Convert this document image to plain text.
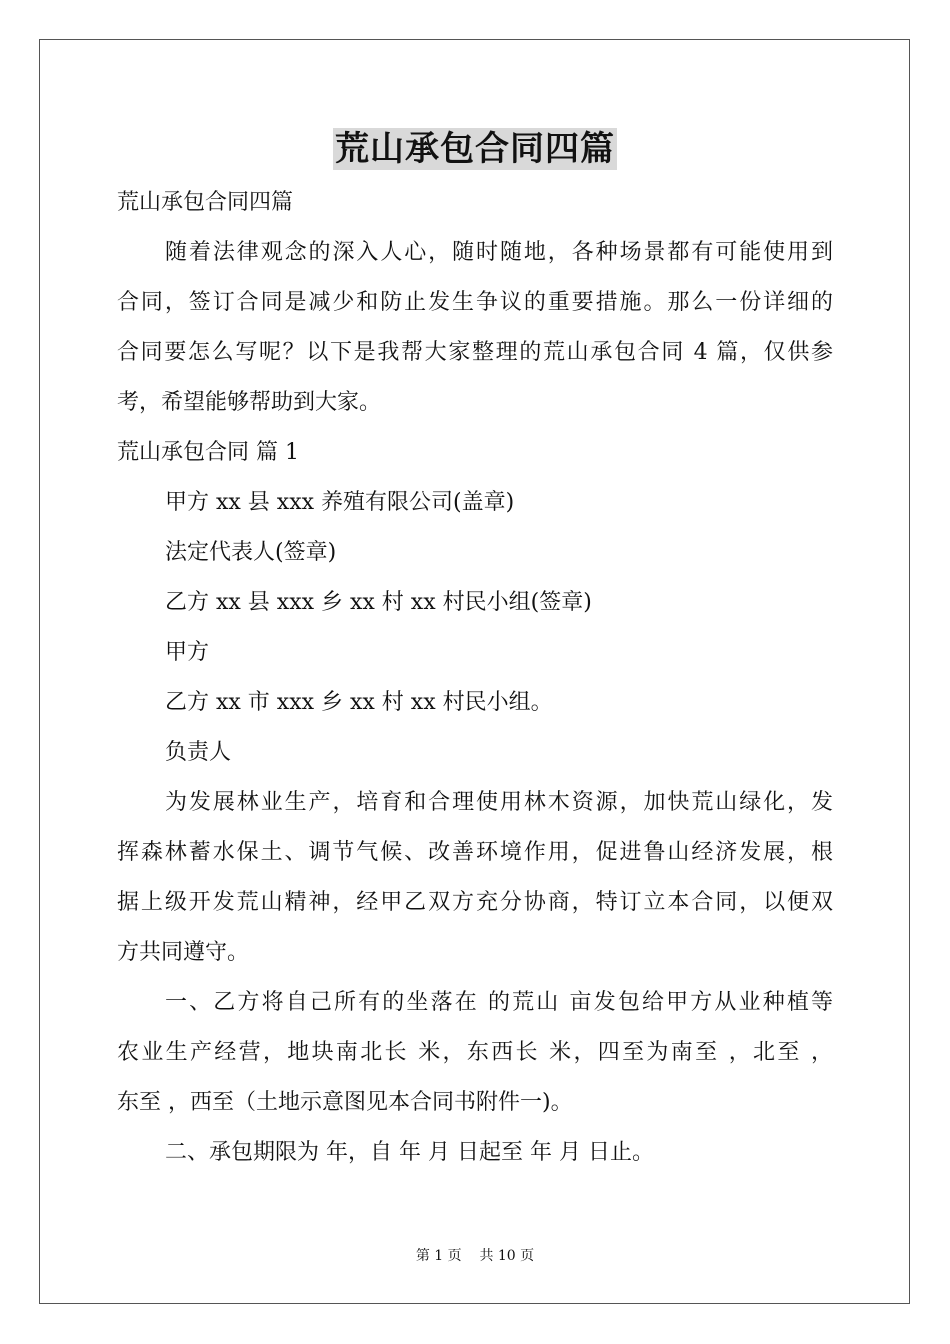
荒山承包合同四篇
荒山承包合同四篇
随着法律观念的深入人心，随时随地，各种场景都有可能使用到
合同，签订合同是减少和防止发生争议的重要措施。那么一份详细的
合同要怎么写呢？以下是我帮大家整理的荒山承包合同 4 篇，仅供参
考，希望能够帮助到大家。
荒山承包合同 篇 1
甲方 xx 县 xxx 养殖有限公司(盖章)
法定代表人(签章)
乙方 xx 县 xxx 乡 xx 村 xx 村民小组(签章)
甲方
乙方 xx 市 xxx 乡 xx 村 xx 村民小组。
负责人
为发展林业生产，培育和合理使用林木资源，加快荒山绿化，发
挥森林蓄水保土、调节气候、改善环境作用，促进鲁山经济发展，根
据上级开发荒山精神，经甲乙双方充分协商，特订立本合同，以便双
方共同遵守。
一、乙方将自己所有的坐落在 的荒山 亩发包给甲方从业种植等
农业生产经营，地块南北长 米，东西长 米，四至为南至 ，北至 ，
东至 ，西至（土地示意图见本合同书附件一)。
二、承包期限为 年，自 年 月 日起至 年 月 日止。
第 1 页 共 10 页
